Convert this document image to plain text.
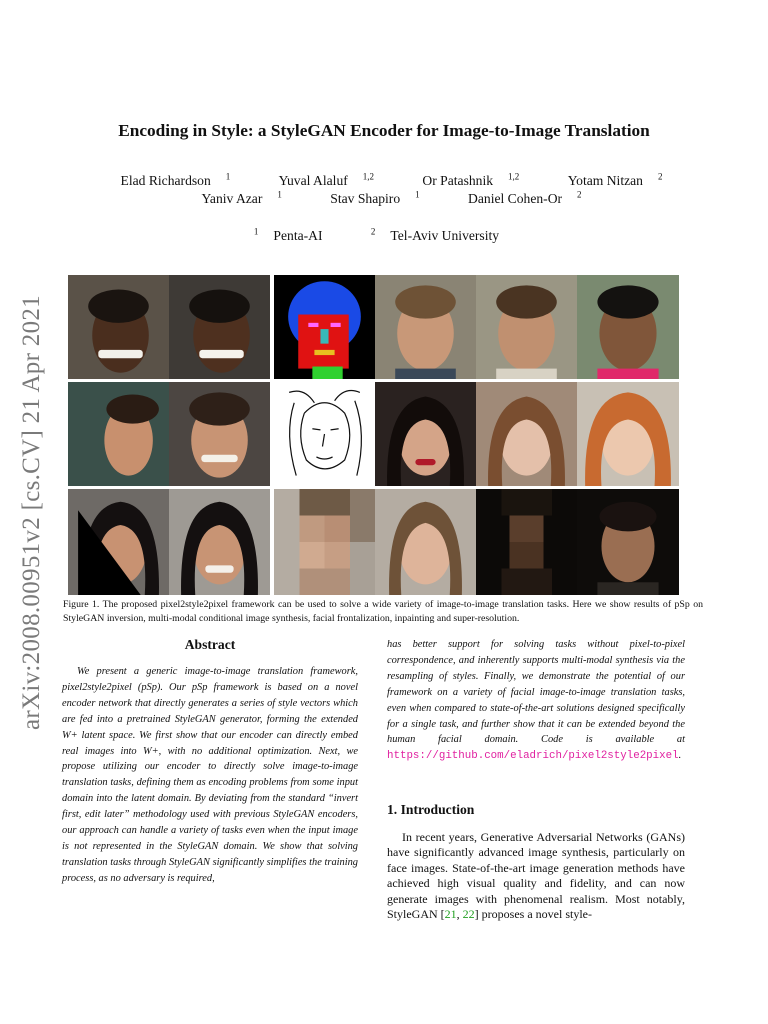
arXiv:2008.00951v2 [cs.CV] 21 Apr 2021
Encoding in Style: a StyleGAN Encoder for Image-to-Image Translation
Elad Richardson $^1$	Yuval Alaluf $^{1,2}$	Or Patashnik $^{1,2}$	Yotam Nitzan $^2$
Yaniv Azar $^1$	Stav Shapiro $^1$	Daniel Cohen-Or $^2$
$^1$ Penta-AI	$^2$ Tel-Aviv University
Figure 1. The proposed pixel2style2pixel framework can be used to solve a wide variety of image-to-image translation tasks. Here we show results of pSp on StyleGAN inversion, multi-modal conditional image synthesis, facial frontalization, inpainting and super-resolution.
Abstract

We present a generic image-to-image translation framework, pixel2style2pixel (pSp). Our pSp framework is based on a novel encoder network that directly generates a series of style vectors which are fed into a pretrained StyleGAN generator, forming the extended W+ latent space. We first show that our encoder can directly embed real images into W+, with no additional optimization. Next, we propose utilizing our encoder to directly solve image-to-image translation tasks, defining them as encoding problems from some input domain into the latent domain. By deviating from the standard “invert first, edit later” methodology used with previous StyleGAN encoders, our approach can handle a variety of tasks even when the input image is not represented in the StyleGAN domain. We show that solving translation tasks through StyleGAN significantly simplifies the training process, as no adversary is required,

has better support for solving tasks without pixel-to-pixel correspondence, and inherently supports multi-modal synthesis via the resampling of styles. Finally, we demonstrate the potential of our framework on a variety of facial image-to-image translation tasks, even when compared to state-of-the-art solutions designed specifically for a single task, and further show that it can be extended beyond the human facial domain. Code is available at https://github.com/eladrich/pixel2style2pixel.

1. Introduction

In recent years, Generative Adversarial Networks (GANs) have significantly advanced image synthesis, particularly on face images. State-of-the-art image generation methods have achieved high visual quality and fidelity, and can now generate images with phenomenal realism. Most notably, StyleGAN [21, 22] proposes a novel style-
